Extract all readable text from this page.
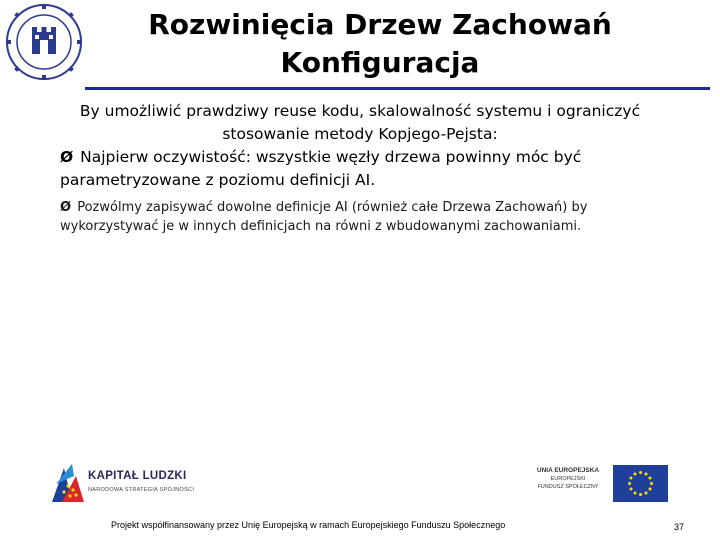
Rozwinięcia Drzew Zachowań
Konfiguracja

By umożliwić prawdziwy reuse kodu, skalowalność systemu i ograniczyć stosowanie metody Kopjego-Pejsta:

Ø Najpierw oczywistość: wszystkie węzły drzewa powinny móc być parametryzowane z poziomu definicji AI.

Ø Pozwólmy zapisywać dowolne definicje AI (również całe Drzewa Zachowań) by wykorzystywać je w innych definicjach na równi z wbudowanymi zachowaniami.

KAPITAŁ LUDZKI
NARODOWA STRATEGIA SPÓJNOŚCI
UNIA EUROPEJSKA
EUROPEJSKI
FUNDUSZ SPOŁECZNY
Projekt współfinansowany przez Unię Europejską w ramach Europejskiego Funduszu Społecznego	37
